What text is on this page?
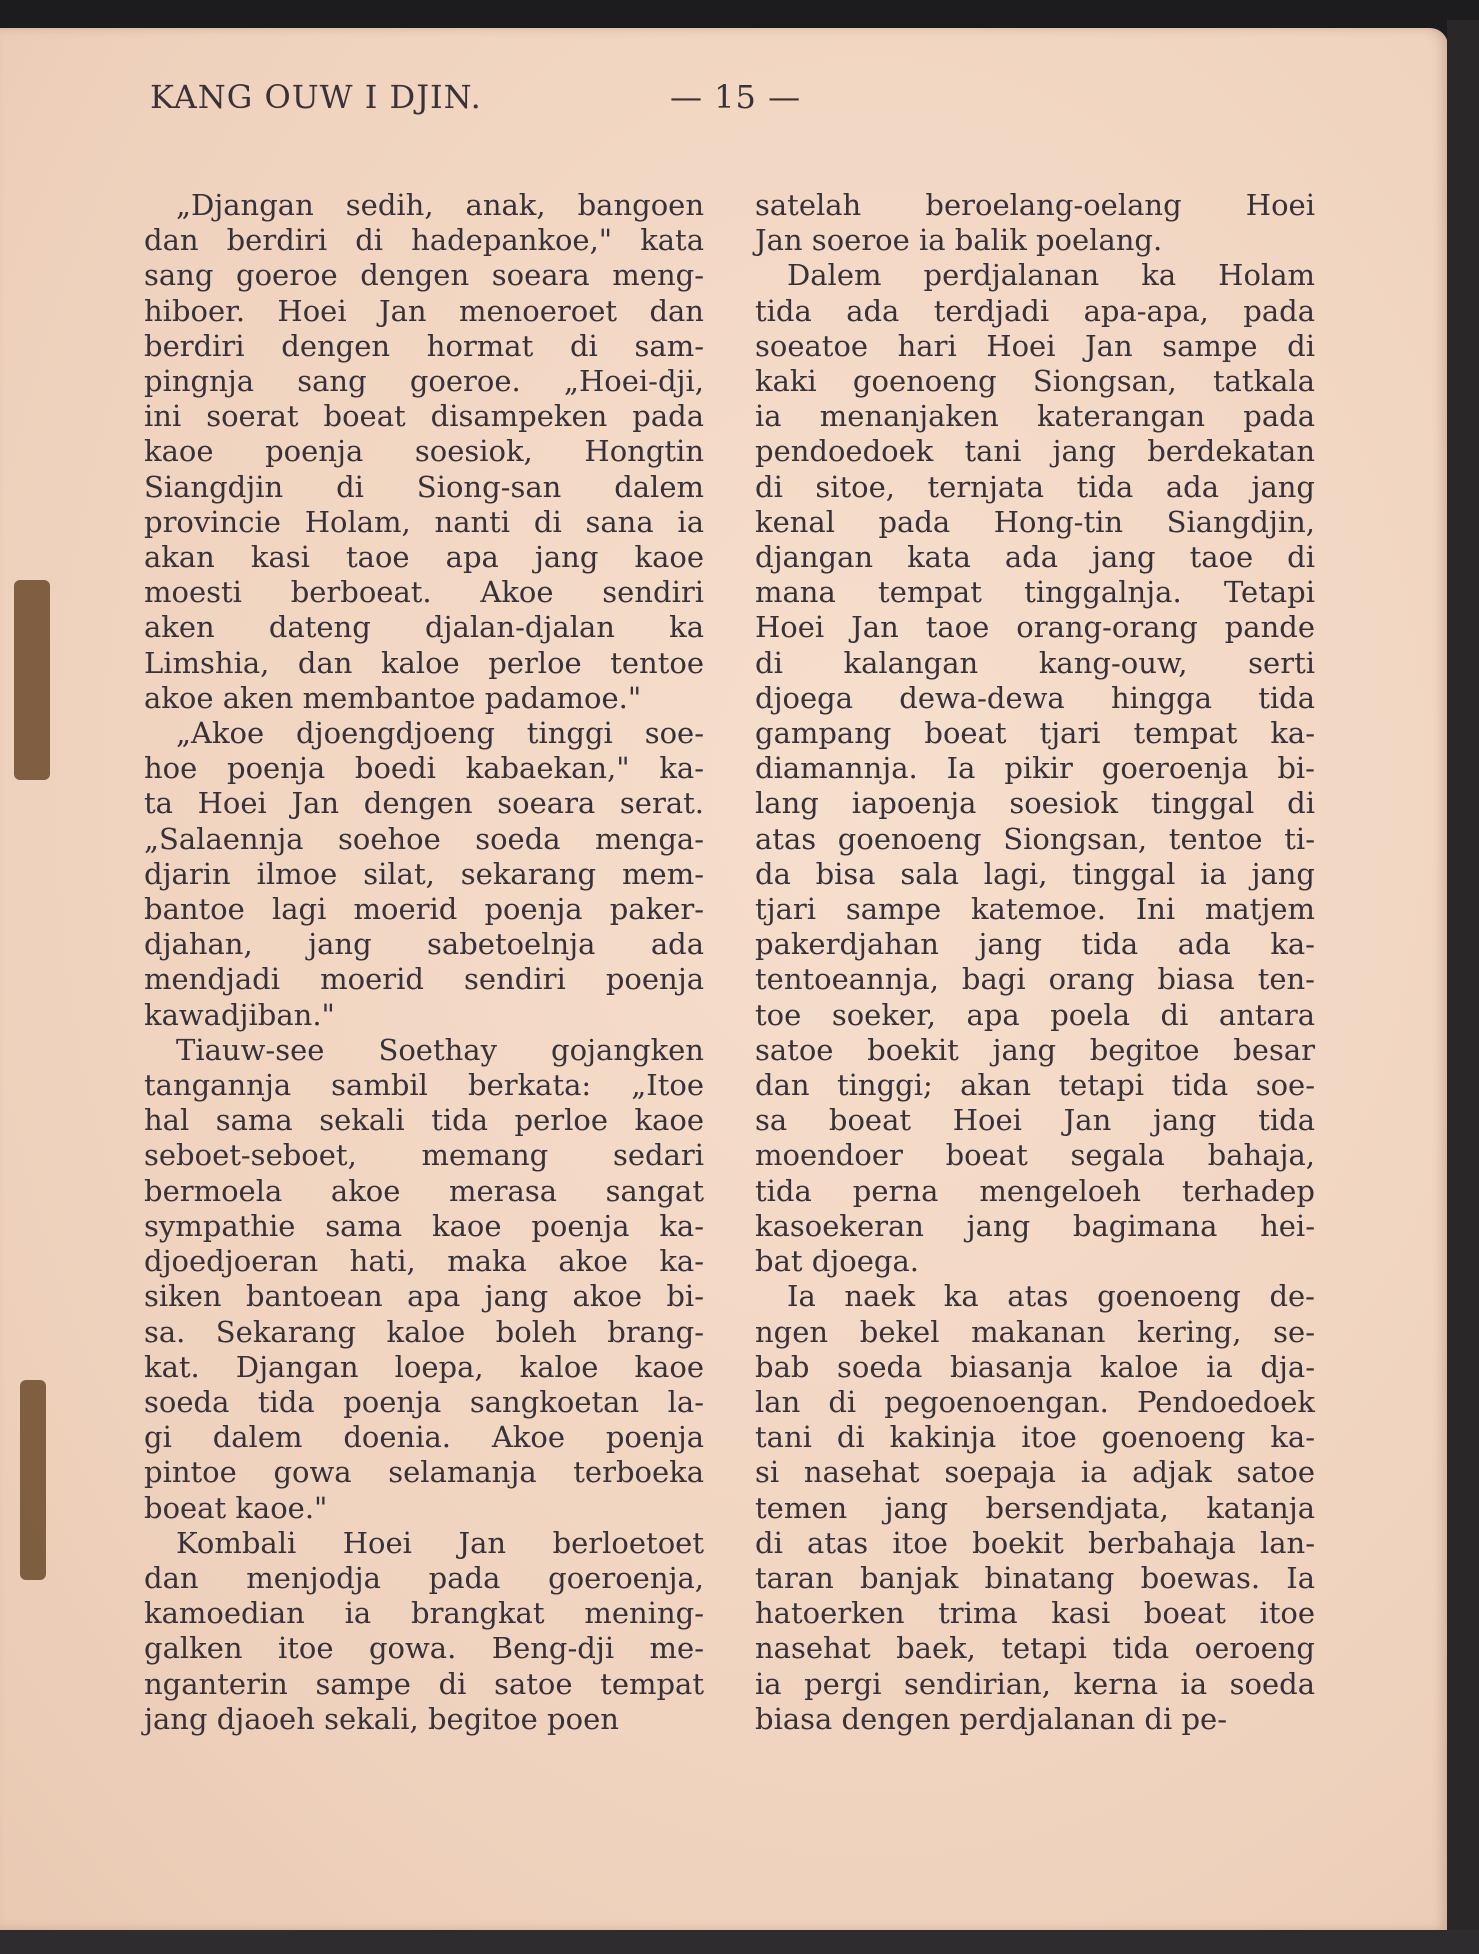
KANG OUW I DJIN.	— 15 —
„Djangan sedih, anak, bangoen
dan berdiri di hadepankoe," kata
sang goeroe dengen soeara meng-
hiboer. Hoei Jan menoeroet dan
berdiri dengen hormat di sam-
pingnja sang goeroe. „Hoei-dji,
ini soerat boeat disampeken pada
kaoe poenja soesiok, Hongtin
Siangdjin di Siong-san dalem
provincie Holam, nanti di sana ia
akan kasi taoe apa jang kaoe
moesti berboeat. Akoe sendiri
aken dateng djalan-djalan ka
Limshia, dan kaloe perloe tentoe
akoe aken membantoe padamoe."
„Akoe djoengdjoeng tinggi soe-
hoe poenja boedi kabaekan," ka-
ta Hoei Jan dengen soeara serat.
„Salaennja soehoe soeda menga-
djarin ilmoe silat, sekarang mem-
bantoe lagi moerid poenja paker-
djahan, jang sabetoelnja ada
mendjadi moerid sendiri poenja
kawadjiban."
Tiauw-see Soethay gojangken
tangannja sambil berkata: „Itoe
hal sama sekali tida perloe kaoe
seboet-seboet, memang sedari
bermoela akoe merasa sangat
sympathie sama kaoe poenja ka-
djoedjoeran hati, maka akoe ka-
siken bantoean apa jang akoe bi-
sa. Sekarang kaloe boleh brang-
kat. Djangan loepa, kaloe kaoe
soeda tida poenja sangkoetan la-
gi dalem doenia. Akoe poenja
pintoe gowa selamanja terboeka
boeat kaoe."
Kombali Hoei Jan berloetoet
dan menjodja pada goeroenja,
kamoedian ia brangkat mening-
galken itoe gowa. Beng-dji me-
nganterin sampe di satoe tempat
jang djaoeh sekali, begitoe poen
satelah beroelang-oelang Hoei
Jan soeroe ia balik poelang.
Dalem perdjalanan ka Holam
tida ada terdjadi apa-apa, pada
soeatoe hari Hoei Jan sampe di
kaki goenoeng Siongsan, tatkala
ia menanjaken katerangan pada
pendoedoek tani jang berdekatan
di sitoe, ternjata tida ada jang
kenal pada Hong-tin Siangdjin,
djangan kata ada jang taoe di
mana tempat tinggalnja. Tetapi
Hoei Jan taoe orang-orang pande
di kalangan kang-ouw, serti
djoega dewa-dewa hingga tida
gampang boeat tjari tempat ka-
diamannja. Ia pikir goeroenja bi-
lang iapoenja soesiok tinggal di
atas goenoeng Siongsan, tentoe ti-
da bisa sala lagi, tinggal ia jang
tjari sampe katemoe. Ini matjem
pakerdjahan jang tida ada ka-
tentoeannja, bagi orang biasa ten-
toe soeker, apa poela di antara
satoe boekit jang begitoe besar
dan tinggi; akan tetapi tida soe-
sa boeat Hoei Jan jang tida
moendoer boeat segala bahaja,
tida perna mengeloeh terhadep
kasoekeran jang bagimana hei-
bat djoega.
Ia naek ka atas goenoeng de-
ngen bekel makanan kering, se-
bab soeda biasanja kaloe ia dja-
lan di pegoenoengan. Pendoedoek
tani di kakinja itoe goenoeng ka-
si nasehat soepaja ia adjak satoe
temen jang bersendjata, katanja
di atas itoe boekit berbahaja lan-
taran banjak binatang boewas. Ia
hatoerken trima kasi boeat itoe
nasehat baek, tetapi tida oeroeng
ia pergi sendirian, kerna ia soeda
biasa dengen perdjalanan di pe-
